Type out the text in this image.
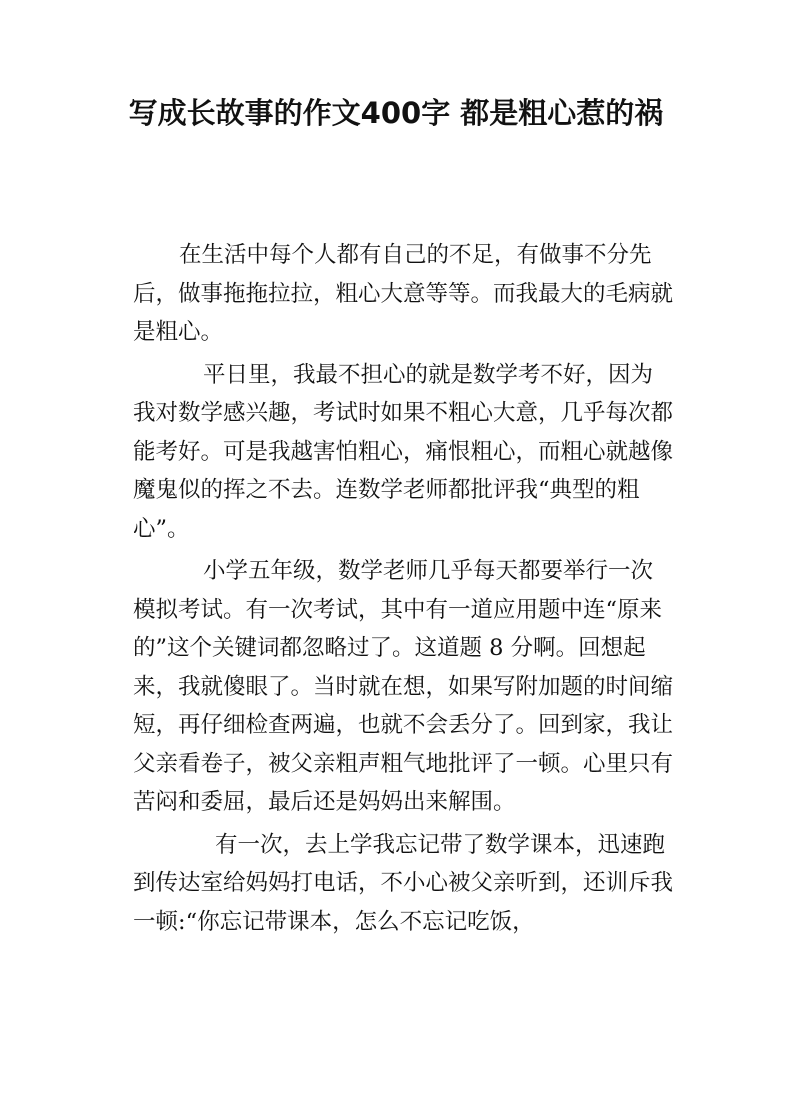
写成长故事的作文400字 都是粗心惹的祸

在生活中每个人都有自己的不足，有做事不分先后，做事拖拖拉拉，粗心大意等等。而我最大的毛病就是粗心。

平日里，我最不担心的就是数学考不好，因为我对数学感兴趣，考试时如果不粗心大意，几乎每次都能考好。可是我越害怕粗心，痛恨粗心，而粗心就越像魔鬼似的挥之不去。连数学老师都批评我“典型的粗心”。

小学五年级，数学老师几乎每天都要举行一次模拟考试。有一次考试，其中有一道应用题中连“原来的”这个关键词都忽略过了。这道题 8 分啊。回想起来，我就傻眼了。当时就在想，如果写附加题的时间缩短，再仔细检查两遍，也就不会丢分了。回到家，我让父亲看卷子，被父亲粗声粗气地批评了一顿。心里只有苦闷和委屈，最后还是妈妈出来解围。

有一次，去上学我忘记带了数学课本，迅速跑到传达室给妈妈打电话，不小心被父亲听到，还训斥我一顿:“你忘记带课本，怎么不忘记吃饭，
